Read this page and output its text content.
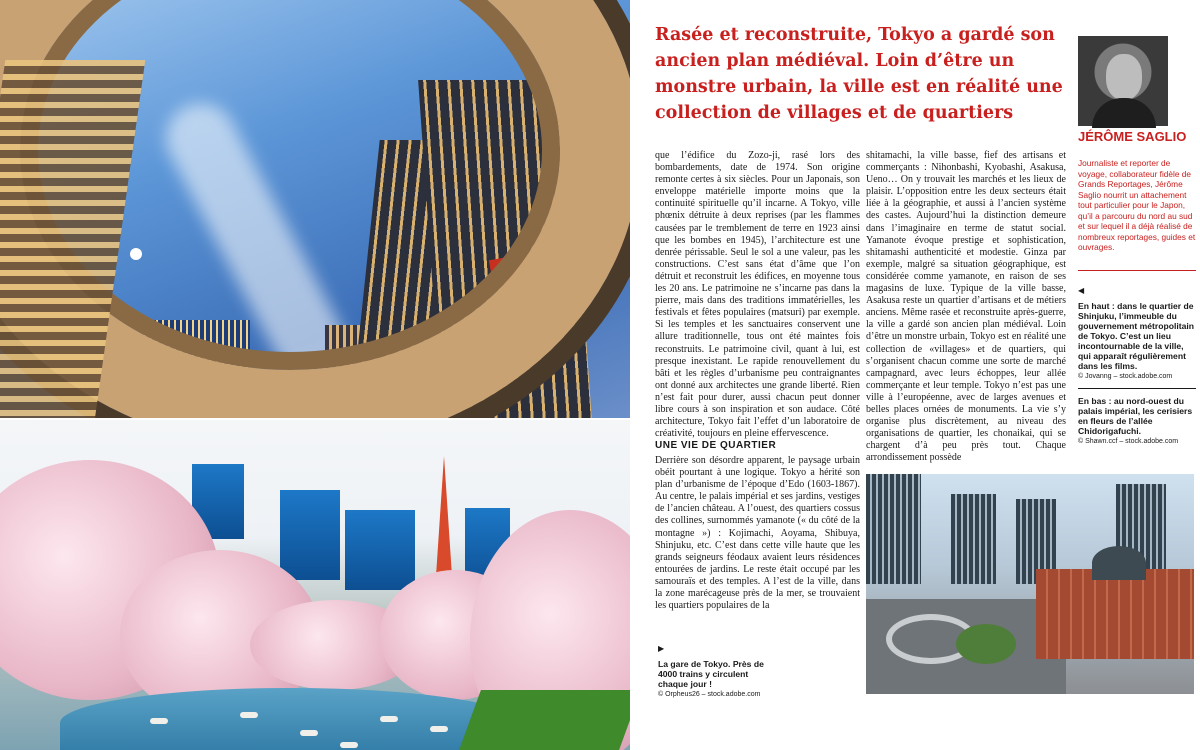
Rasée et reconstruite, Tokyo a gardé son ancien plan médiéval. Loin d’être un monstre urbain, la ville est en réalité une collection de villages et de quartiers
JÉRÔME SAGLIO

Journaliste et reporter de voyage, collaborateur fidèle de Grands Reportages, Jérôme Saglio nourrit un attachement tout particulier pour le Japon, qu’il a parcouru du nord au sud et sur lequel il a déjà réalisé de nombreux reportages, guides et ouvrages.

que l’édifice du Zozo-ji, rasé lors des bombardements, date de 1974. Son origine remonte certes à six siècles. Pour un Japonais, son enveloppe matérielle importe moins que la continuité spirituelle qu’il incarne. A Tokyo, ville phœnix détruite à deux reprises (par les flammes causées par le tremblement de terre en 1923 ainsi que les bombes en 1945), l’architecture est une denrée périssable. Seul le sol a une valeur, pas les constructions. C’est sans état d’âme que l’on détruit et reconstruit les édifices, en moyenne tous les 20 ans. Le patrimoine ne s’incarne pas dans la pierre, mais dans des traditions immatérielles, les festivals et fêtes populaires (matsuri) par exemple. Si les temples et les sanctuaires conservent une allure traditionnelle, tous ont été maintes fois reconstruits. Le patrimoine civil, quant à lui, est presque inexistant. Le rapide renouvellement du bâti et les règles d’urbanisme peu contraignantes ont donné aux architectes une grande liberté. Rien n’est fait pour durer, aussi chacun peut donner libre cours à son inspiration et son audace. Côté architecture, Tokyo fait l’effet d’un laboratoire de créativité, toujours en pleine effervescence.

UNE VIE DE QUARTIER

Derrière son désordre apparent, le paysage urbain obéit pourtant à une logique. Tokyo a hérité son plan d’urbanisme de l’époque d’Edo (1603-1867). Au centre, le palais impérial et ses jardins, vestiges de l’ancien château. A l’ouest, des quartiers cossus des collines, surnommés yamanote (« du côté de la montagne ») : Kojimachi, Aoyama, Shibuya, Shinjuku, etc. C’est dans cette ville haute que les grands seigneurs féodaux avaient leurs résidences entourées de jardins. Le reste était occupé par les samouraïs et des temples. A l’est de la ville, dans la zone marécageuse près de la mer, se trouvaient les quartiers populaires de la

shitamachi, la ville basse, fief des artisans et commerçants : Nihonbashi, Kyobashi, Asakusa, Ueno… On y trouvait les marchés et les lieux de plaisir. L’opposition entre les deux secteurs était liée à la géographie, et aussi à l’ancien système des castes. Aujourd’hui la distinction demeure dans l’imaginaire en terme de statut social. Yamanote évoque prestige et sophistication, shitamashi authenticité et modestie. Ginza par exemple, malgré sa situation géographique, est considérée comme yamanote, en raison de ses magasins de luxe. Typique de la ville basse, Asakusa reste un quartier d’artisans et de métiers anciens. Même rasée et reconstruite après-guerre, la ville a gardé son ancien plan médiéval. Loin d’être un monstre urbain, Tokyo est en réalité une collection de «villages» et de quartiers, qui s’organisent chacun comme une sorte de marché campagnard, avec leurs échoppes, leur allée commerçante et leur temple. Tokyo n’est pas une ville à l’européenne, avec de larges avenues et belles places ornées de monuments. La vie s’y organise plus discrètement, au niveau des organisations de quartier, les chonaikai, qui se chargent d’à peu près tout. Chaque arrondissement possède

◀
En haut : dans le quartier de Shinjuku, l’immeuble du gouvernement métropolitain de Tokyo. C’est un lieu incontournable de la ville, qui apparaît régulièrement dans les films.
© Jovanng – stock.adobe.com
En bas : au nord-ouest du palais impérial, les cerisiers en fleurs de l’allée Chidorigafuchi.
© Shawn.ccf – stock.adobe.com
▶
La gare de Tokyo. Près de 4000 trains y circulent chaque jour !
© Orpheus26 – stock.adobe.com
